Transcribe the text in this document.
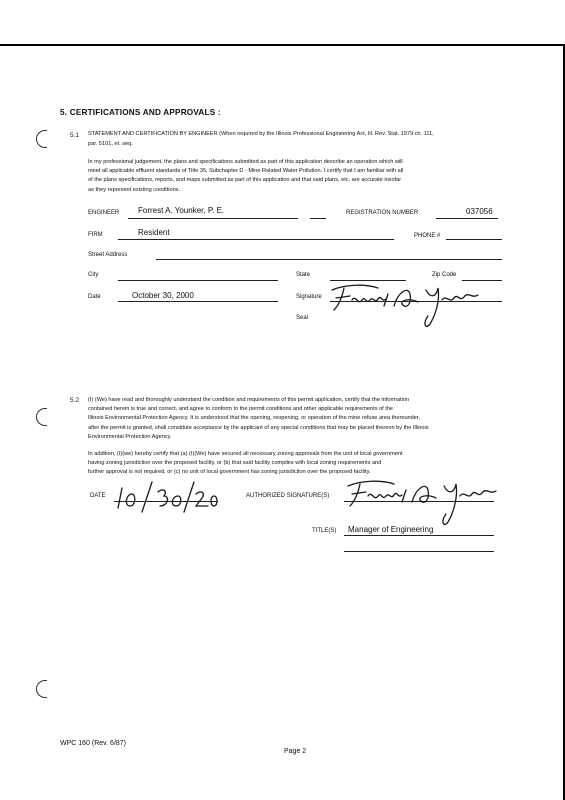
5. CERTIFICATIONS AND APPROVALS :
5.1 STATEMENT AND CERTIFICATION BY ENGINEER (When required by the Illinois Professional Engineering Act, Ill. Rev. Stat. 1979 ch. 111,
par. 5101, et. seq.
In my professional judgement, the plans and specifications submitted as part of this application describe an operation which will
meet all applicable effluent standards of Title 35, Subchapter D - Mine Related Water Pollution. I certify that I am familiar with all
of the plans specifications, reports, and maps submitted as part of this application and that said plans, etc. are accurate insofar
as they represent existing conditions.
ENGINEER Forrest A. Younker, P. E.	REGISTRATION NUMBER	037056
FIRM	Resident	PHONE #
Street Address
City	State	Zip Code
Date	October 30, 2000	Signature
Seal
5.2 (I) (We) have read and thoroughly understand the condition and requirements of this permit application, certify that the information
contained herein is true and correct, and agree to conform to the permit conditions and other applicable requirements of the
Illinois Environmental Protection Agency. It is understood that the opening, reopening, or operation of the mine refuse area thereunder,
after the permit is granted, shall constitute acceptance by the applicant of any special conditions that may be placed thereon by the Illinois
Environmental Protection Agency.
In addition, (I)(we) hereby certify that (a) (I)(We) have secured all necessary zoning approvals from the unit of local government
having zoning jurisdiction over the proposed facility, or (b) that said facility complies with local zoning requirements and
further approval is not required, or (c) no unit of local government has zoning jurisdiction over the proposed facility.
DATE	AUTHORIZED SIGNATURE(S)
TITLE(S) Manager of Engineering
WPC 160 (Rev. 6/87)
Page 2
